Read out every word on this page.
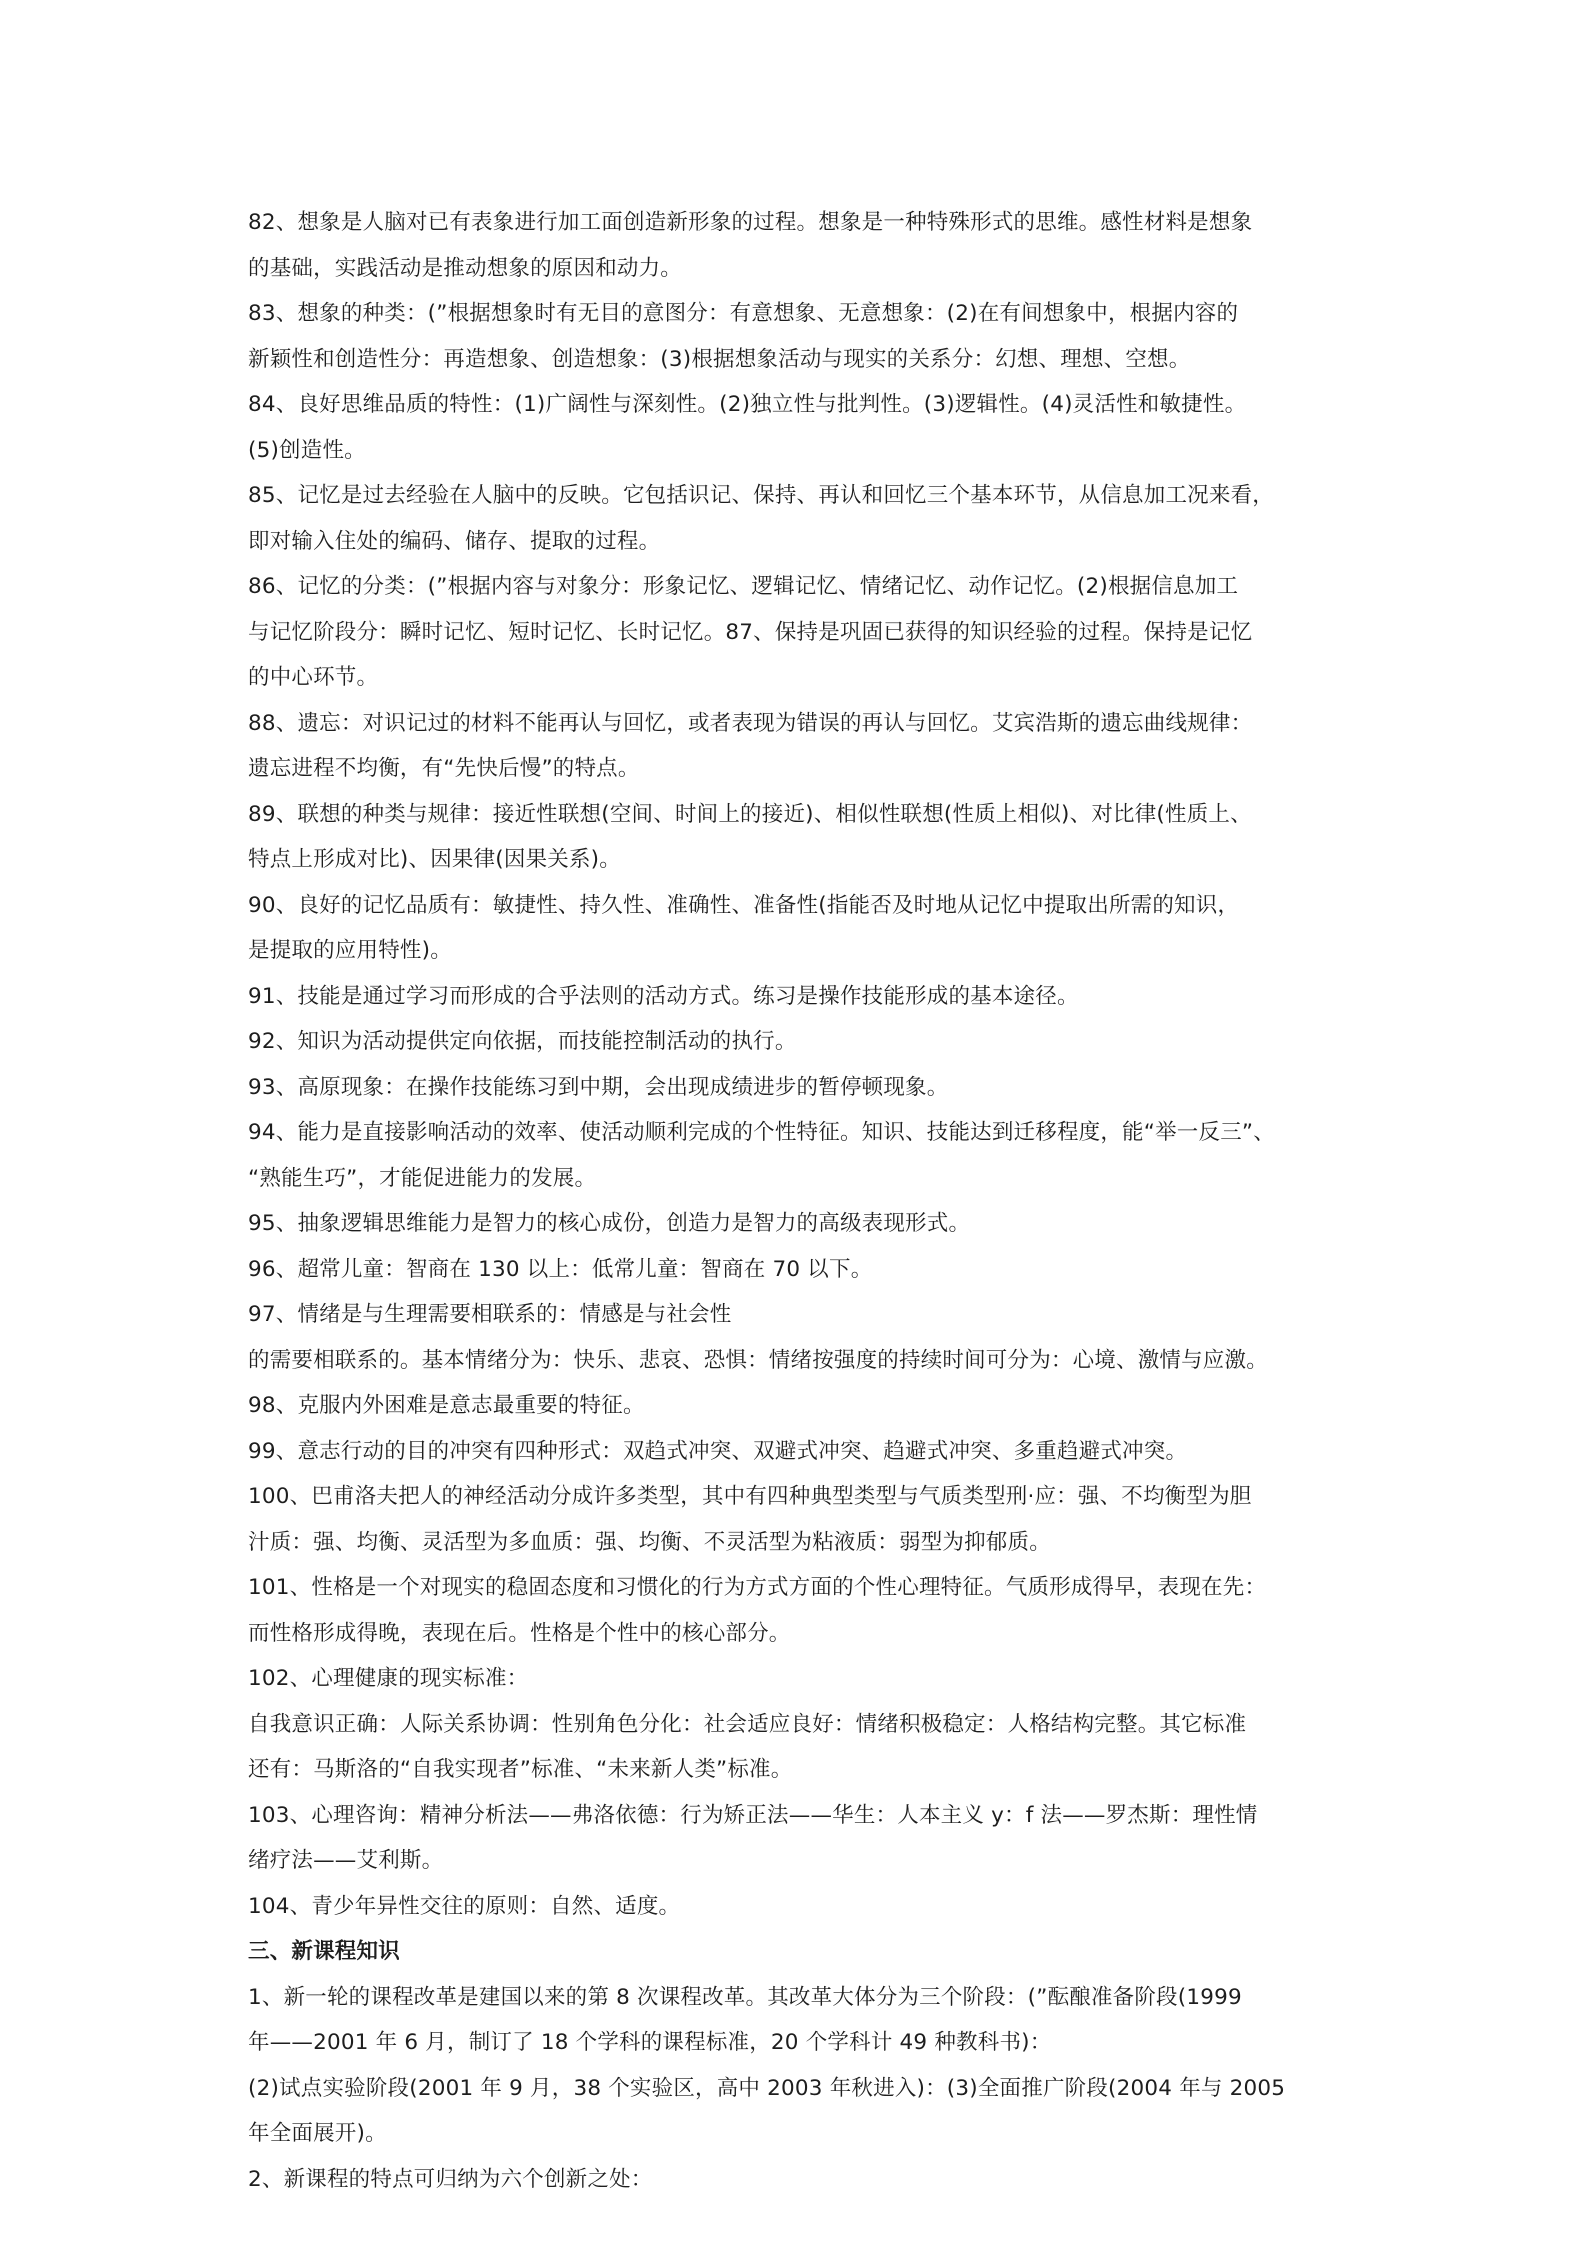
82、想象是人脑对已有表象进行加工面创造新形象的过程。想象是一种特殊形式的思维。感性材料是想象
的基础，实践活动是推动想象的原因和动力。
83、想象的种类：(”根据想象时有无目的意图分：有意想象、无意想象：(2)在有间想象中，根据内容的
新颖性和创造性分：再造想象、创造想象：(3)根据想象活动与现实的关系分：幻想、理想、空想。
84、良好思维品质的特性：(1)广阔性与深刻性。(2)独立性与批判性。(3)逻辑性。(4)灵活性和敏捷性。
(5)创造性。
85、记忆是过去经验在人脑中的反映。它包括识记、保持、再认和回忆三个基本环节，从信息加工况来看，
即对输入住处的编码、储存、提取的过程。
86、记忆的分类：(”根据内容与对象分：形象记忆、逻辑记忆、情绪记忆、动作记忆。(2)根据信息加工
与记忆阶段分：瞬时记忆、短时记忆、长时记忆。87、保持是巩固已获得的知识经验的过程。保持是记忆
的中心环节。
88、遗忘：对识记过的材料不能再认与回忆，或者表现为错误的再认与回忆。艾宾浩斯的遗忘曲线规律：
遗忘进程不均衡，有“先快后慢”的特点。
89、联想的种类与规律：接近性联想(空间、时间上的接近)、相似性联想(性质上相似)、对比律(性质上、
特点上形成对比)、因果律(因果关系)。
90、良好的记忆品质有：敏捷性、持久性、准确性、准备性(指能否及时地从记忆中提取出所需的知识，
是提取的应用特性)。
91、技能是通过学习而形成的合乎法则的活动方式。练习是操作技能形成的基本途径。
92、知识为活动提供定向依据，而技能控制活动的执行。
93、高原现象：在操作技能练习到中期，会出现成绩进步的暂停顿现象。
94、能力是直接影响活动的效率、使活动顺利完成的个性特征。知识、技能达到迁移程度，能“举一反三”、
“熟能生巧”，才能促进能力的发展。
95、抽象逻辑思维能力是智力的核心成份，创造力是智力的高级表现形式。
96、超常儿童：智商在 130 以上：低常儿童：智商在 70 以下。
97、情绪是与生理需要相联系的：情感是与社会性
的需要相联系的。基本情绪分为：快乐、悲哀、恐惧：情绪按强度的持续时间可分为：心境、激情与应激。
98、克服内外困难是意志最重要的特征。
99、意志行动的目的冲突有四种形式：双趋式冲突、双避式冲突、趋避式冲突、多重趋避式冲突。
100、巴甫洛夫把人的神经活动分成许多类型，其中有四种典型类型与气质类型刑·应：强、不均衡型为胆
汁质：强、均衡、灵活型为多血质：强、均衡、不灵活型为粘液质：弱型为抑郁质。
101、性格是一个对现实的稳固态度和习惯化的行为方式方面的个性心理特征。气质形成得早，表现在先：
而性格形成得晚，表现在后。性格是个性中的核心部分。
102、心理健康的现实标准：
自我意识正确：人际关系协调：性别角色分化：社会适应良好：情绪积极稳定：人格结构完整。其它标准
还有：马斯洛的“自我实现者”标准、“未来新人类”标准。
103、心理咨询：精神分析法——弗洛依德：行为矫正法——华生：人本主义 y：f 法——罗杰斯：理性情
绪疗法——艾利斯。
104、青少年异性交往的原则：自然、适度。
三、新课程知识
1、新一轮的课程改革是建国以来的第 8 次课程改革。其改革大体分为三个阶段：(”酝酿准备阶段(1999
年——2001 年 6 月，制订了 18 个学科的课程标准，20 个学科计 49 种教科书)：
(2)试点实验阶段(2001 年 9 月，38 个实验区，高中 2003 年秋进入)：(3)全面推广阶段(2004 年与 2005
年全面展开)。
2、新课程的特点可归纳为六个创新之处：
